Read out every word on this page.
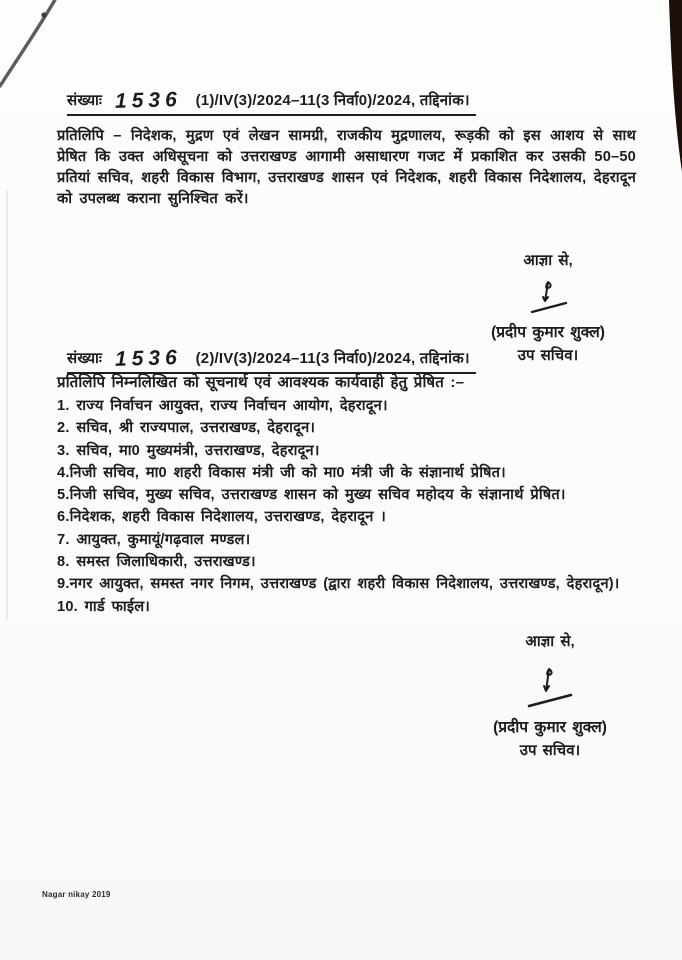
संख्याः 1536 (1)/IV(3)/2024–11(3 निर्वा0)/2024, तद्दिनांक।
प्रतिलिपि – निदेशक, मुद्रण एवं लेखन सामग्री, राजकीय मुद्रणालय, रूड़की को इस आशय से साथ प्रेषित कि उक्त अधिसूचना को उत्तराखण्ड आगामी असाधारण गजट में प्रकाशित कर उसकी 50–50 प्रतियां सचिव, शहरी विकास विभाग, उत्तराखण्ड शासन एवं निदेशक, शहरी विकास निदेशालय, देहरादून को उपलब्ध कराना सुनिश्चित करें।
आज्ञा से,
(प्रदीप कुमार शुक्ल)
उप सचिव।
संख्याः 1536 (2)/IV(3)/2024–11(3 निर्वा0)/2024, तद्दिनांक।
प्रतिलिपि निम्नलिखित को सूचनार्थ एवं आवश्यक कार्यवाही हेतु प्रेषित :–
1. राज्य निर्वाचन आयुक्त, राज्य निर्वाचन आयोग, देहरादून।
2. सचिव, श्री राज्यपाल, उत्तराखण्ड, देहरादून।
3. सचिव, मा0 मुख्यमंत्री, उत्तराखण्ड, देहरादून।
4.निजी सचिव, मा0 शहरी विकास मंत्री जी को मा0 मंत्री जी के संज्ञानार्थ प्रेषित।
5.निजी सचिव, मुख्य सचिव, उत्तराखण्ड शासन को मुख्य सचिव महोदय के संज्ञानार्थ प्रेषित।
6.निदेशक, शहरी विकास निदेशालय, उत्तराखण्ड, देहरादून ।
7. आयुक्त, कुमायूं/गढ़वाल मण्डल।
8. समस्त जिलाधिकारी, उत्तराखण्ड।
9.नगर आयुक्त, समस्त नगर निगम, उत्तराखण्ड (द्वारा शहरी विकास निदेशालय, उत्तराखण्ड, देहरादून)।
10. गार्ड फाईल।
आज्ञा से,
(प्रदीप कुमार शुक्ल)
उप सचिव।
Nagar nikay 2019
